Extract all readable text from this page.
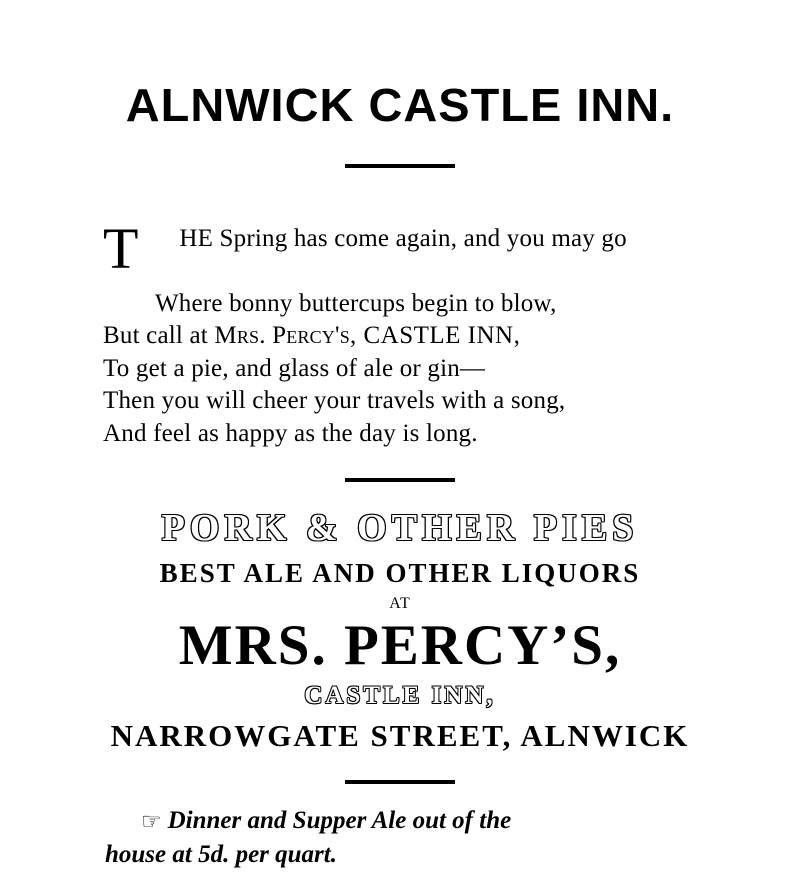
ALNWICK CASTLE INN.

T HE Spring has come again, and you may go

Where bonny buttercups begin to blow,
But call at Mrs. Percy's, CASTLE INN,
To get a pie, and glass of ale or gin—
Then you will cheer your travels with a song,
And feel as happy as the day is long.
PORK & OTHER PIES
BEST ALE AND OTHER LIQUORS
AT
MRS. PERCY’S,
CASTLE INN,
NARROWGATE STREET, ALNWICK
☞ Dinner and Supper Ale out of the
house at 5d. per quart.
